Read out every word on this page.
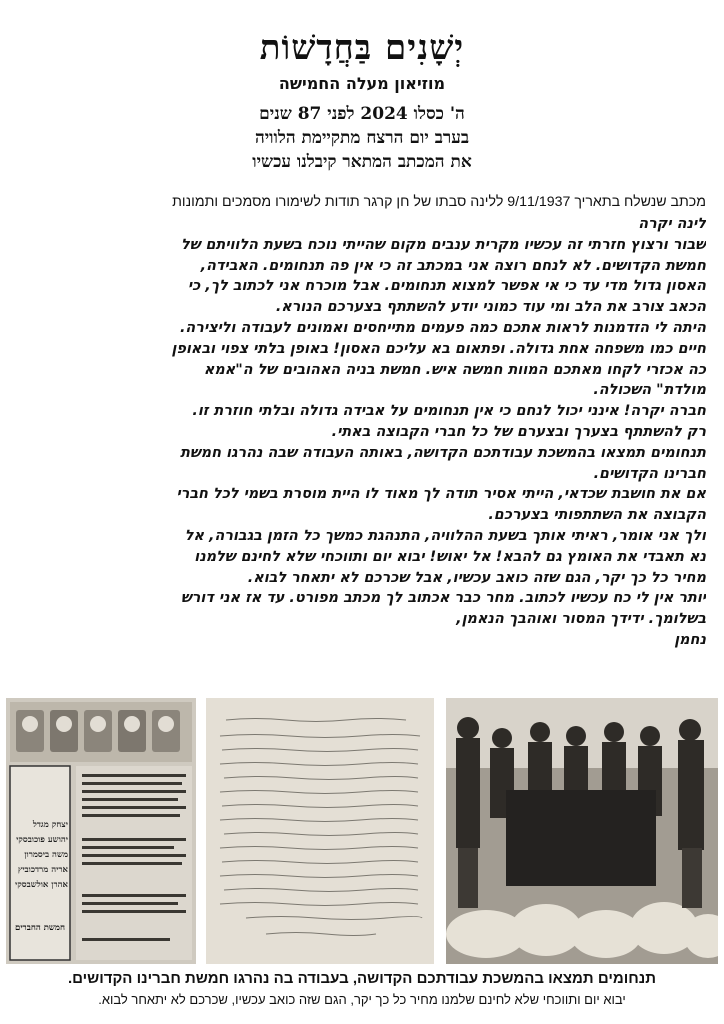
יְשָׁנִים בַּחֲדָשׁוֹת
מוזיאון מעלה החמישה
ה' כסלו 2024 לפני 87 שנים
בערב יום הרצח מתקיימת הלוויה
את המכתב המתאר קיבלנו עכשיו
מכתב שנשלח בתאריך 9/11/1937 ללינה סבתו של חן קרגר תודות לשימורו מסמכים ותמונות
לינה יקרה
שבור ורצוץ חזרתי זה עכשיו מקרית ענבים מקום שהייתי נוכח בשעת הלוויתם של
חמשת הקדושים. לא לנחם רוצה אני במכתב זה כי אין פה תנחומים. האבידה,
האסון גדול מדי עד כי אי אפשר למצוא תנחומים. אבל מוכרח אני לכתוב לך, כי
הכאב צורב את הלב ומי עוד כמוני יודע להשתתף בצערכם הנורא.
היתה לי הזדמנות לראות אתכם כמה פעמים מתייחסים ואמונים לעבודה וליצירה.
חיים כמו משפחה אחת גדולה. ופתאום בא עליכם האסון! באופן בלתי צפוי ובאופן
כה אכזרי לקחו מאתכם המוות חמשה איש. חמשת בניה האהובים של ה"אמא
מולדת" השכולה.
חברה יקרה! אינני יכול לנחם כי אין תנחומים על אבידה גדולה ובלתי חוזרת זו.
רק להשתתף בצערך ובצערם של כל חברי הקבוצה באתי.
תנחומים תמצאו בהמשכת עבודתכם הקדושה, באותה העבודה שבה נהרגו חמשת
חברינו הקדושים.
אם את חושבת שכדאי, הייתי אסיר תודה לך מאוד לו היית מוסרת בשמי לכל חברי
הקבוצה את השתתפותי בצערכם.
ולך אני אומר, ראיתי אותך בשעת ההלוויה, התנהגת כמשך כל הזמן בגבורה, אל
נא תאבדי את האומץ גם להבא! אל יאוש! יבוא יום ותווכחי שלא לחינם שלמנו
מחיר כל כך יקר, הגם שזה כואב עכשיו, אבל שכרכם לא יתאחר לבוא.
יותר אין לי כח עכשיו לכתוב. מחר כבר אכתוב לך מכתב מפורט. עד אז אני דורש
בשלומך. ידידך המסור ואוהבך הנאמן,
נחמן
יצחק מגדל
יהושע פוכובסקי
משה ביסמרון
אריה מרדכוביץ
אהרן אולשבסקי
חמשת החברים
תנחומים תמצאו בהמשכת עבודתכם הקדושה, בעבודה בה נהרגו חמשת חברינו הקדושים.
יבוא יום ותווכחי שלא לחינם שלמנו מחיר כל כך יקר, הגם שזה כואב עכשיו, שכרכם לא יתאחר לבוא.
